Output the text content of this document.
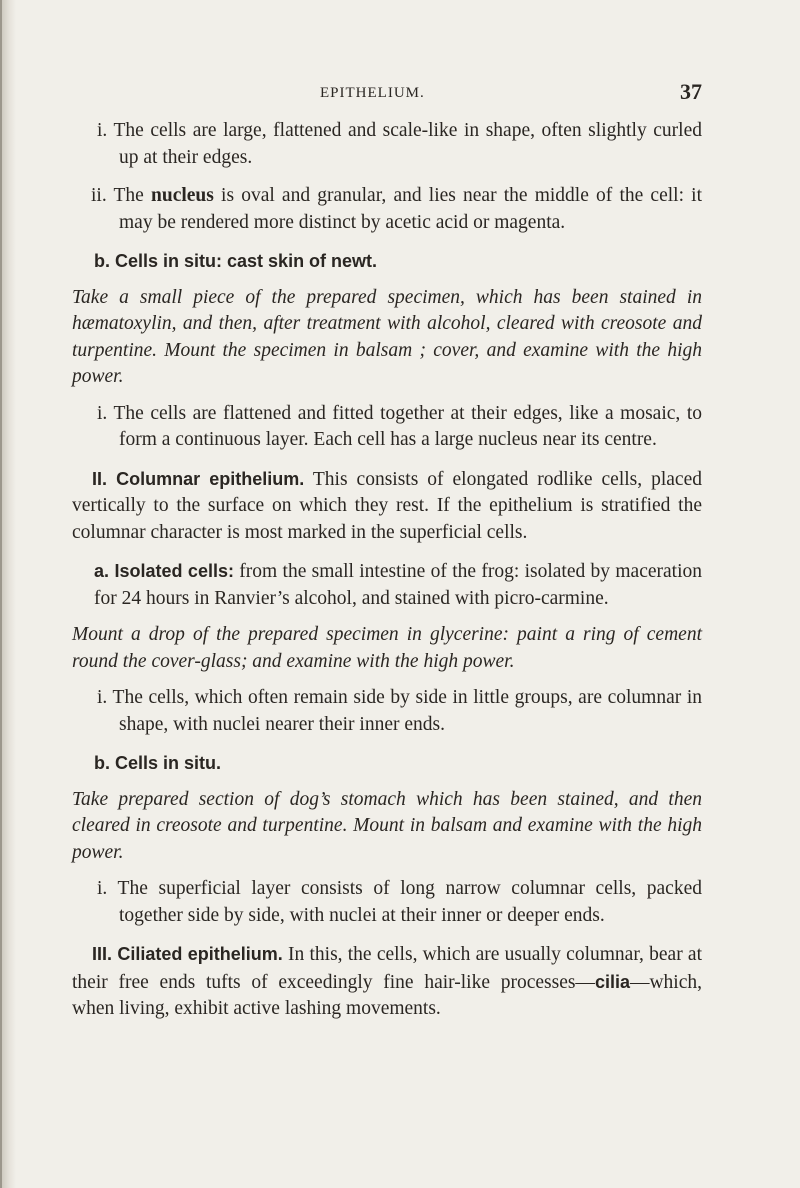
EPITHELIUM.	37

i. The cells are large, flattened and scale-like in shape, often slightly curled up at their edges.

ii. The nucleus is oval and granular, and lies near the middle of the cell: it may be rendered more distinct by acetic acid or magenta.

b. Cells in situ: cast skin of newt.

Take a small piece of the prepared specimen, which has been stained in hæmatoxylin, and then, after treatment with alcohol, cleared with creosote and turpentine. Mount the specimen in balsam ; cover, and examine with the high power.

i. The cells are flattened and fitted together at their edges, like a mosaic, to form a continuous layer. Each cell has a large nucleus near its centre.

II. Columnar epithelium. This consists of elongated rodlike cells, placed vertically to the surface on which they rest. If the epithelium is stratified the columnar character is most marked in the superficial cells.

a. Isolated cells: from the small intestine of the frog: isolated by maceration for 24 hours in Ranvier’s alcohol, and stained with picro-carmine.

Mount a drop of the prepared specimen in glycerine: paint a ring of cement round the cover-glass; and examine with the high power.

i. The cells, which often remain side by side in little groups, are columnar in shape, with nuclei nearer their inner ends.

b. Cells in situ.

Take prepared section of dog’s stomach which has been stained, and then cleared in creosote and turpentine. Mount in balsam and examine with the high power.

i. The superficial layer consists of long narrow columnar cells, packed together side by side, with nuclei at their inner or deeper ends.

III. Ciliated epithelium. In this, the cells, which are usually columnar, bear at their free ends tufts of exceedingly fine hair-like processes—cilia—which, when living, exhibit active lashing movements.
